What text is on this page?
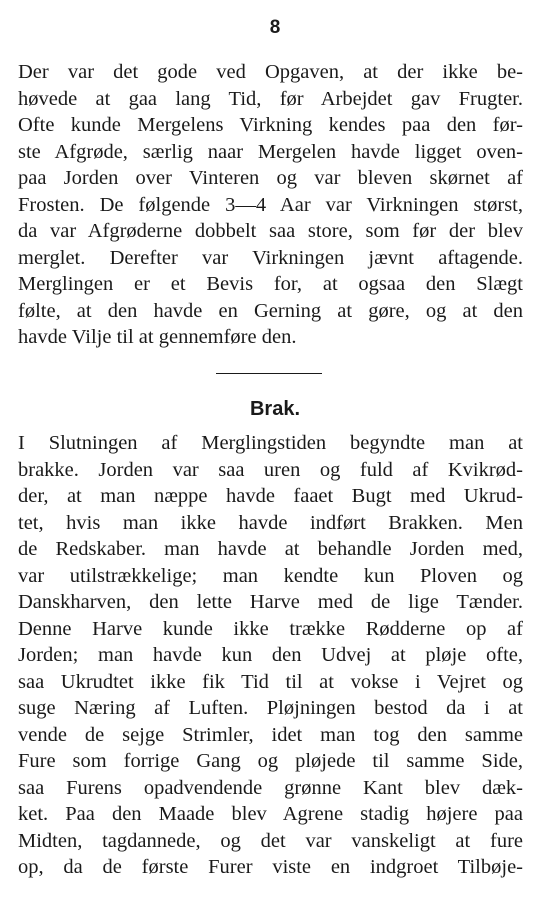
8
Der var det gode ved Opgaven, at der ikke be-
høvede at gaa lang Tid, før Arbejdet gav Frugter.
Ofte kunde Mergelens Virkning kendes paa den før-
ste Afgrøde, særlig naar Mergelen havde ligget oven-
paa Jorden over Vinteren og var bleven skørnet af
Frosten. De følgende 3—4 Aar var Virkningen størst,
da var Afgrøderne dobbelt saa store, som før der blev
merglet. Derefter var Virkningen jævnt aftagende.
Merglingen er et Bevis for, at ogsaa den Slægt
følte, at den havde en Gerning at gøre, og at den
havde Vilje til at gennemføre den.
Brak.
I Slutningen af Merglingstiden begyndte man at
brakke. Jorden var saa uren og fuld af Kvikrød-
der, at man næppe havde faaet Bugt med Ukrud-
tet, hvis man ikke havde indført Brakken. Men
de Redskaber. man havde at behandle Jorden med,
var utilstrækkelige; man kendte kun Ploven og
Danskharven, den lette Harve med de lige Tænder.
Denne Harve kunde ikke trække Rødderne op af
Jorden; man havde kun den Udvej at pløje ofte,
saa Ukrudtet ikke fik Tid til at vokse i Vejret og
suge Næring af Luften. Pløjningen bestod da i at
vende de sejge Strimler, idet man tog den samme
Fure som forrige Gang og pløjede til samme Side,
saa Furens opadvendende grønne Kant blev dæk-
ket. Paa den Maade blev Agrene stadig højere paa
Midten, tagdannede, og det var vanskeligt at fure
op, da de første Furer viste en indgroet Tilbøje-
